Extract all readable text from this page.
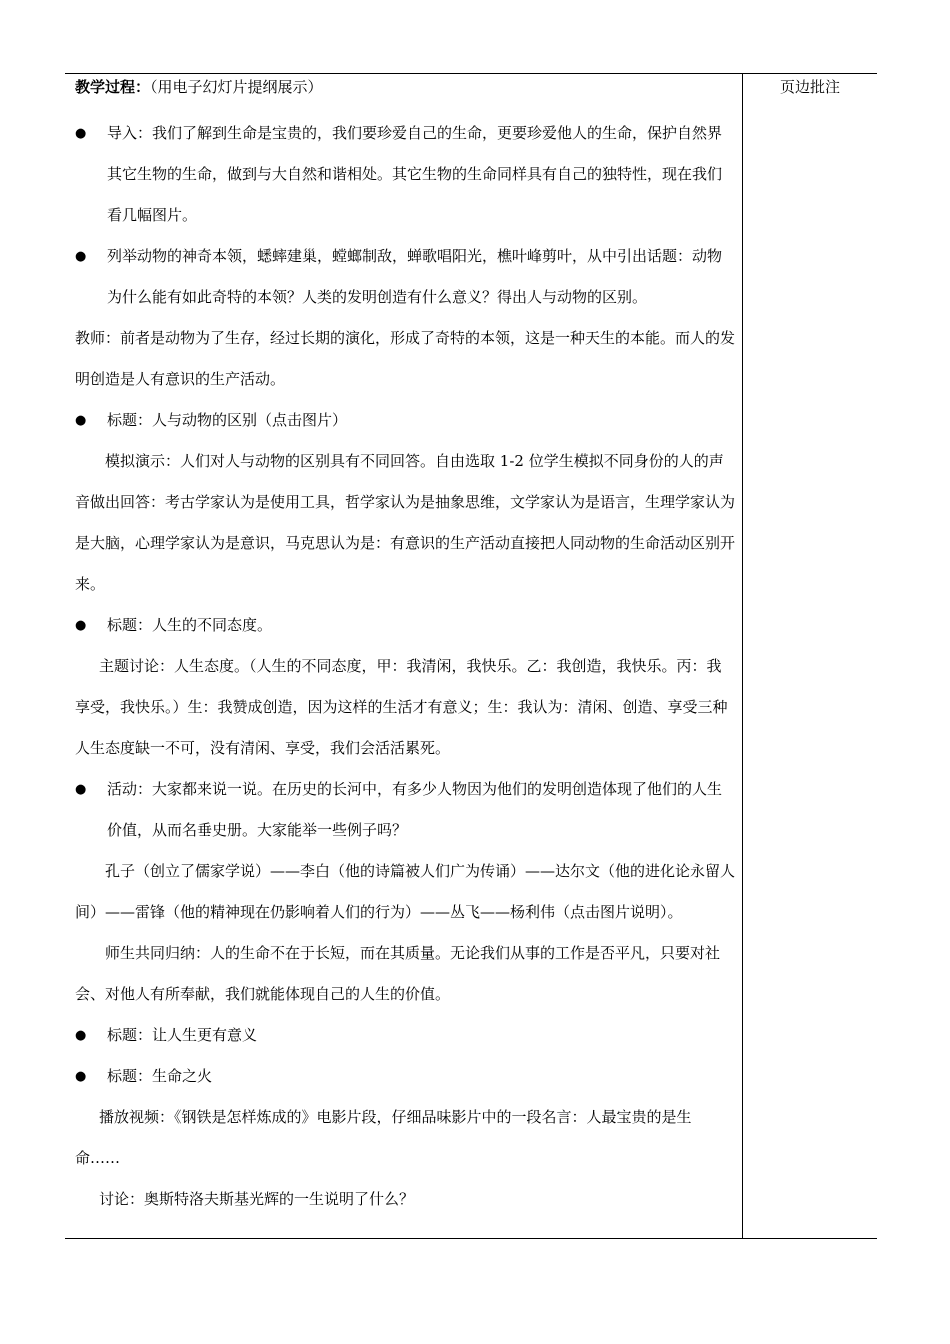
页边批注
教学过程：（用电子幻灯片提纲展示）

● 导入：我们了解到生命是宝贵的，我们要珍爱自己的生命，更要珍爱他人的生命，保护自然界其它生物的生命，做到与大自然和谐相处。其它生物的生命同样具有自己的独特性，现在我们看几幅图片。

● 列举动物的神奇本领，蟋蟀建巢，螳螂制敌，蝉歌唱阳光，樵叶峰剪叶，从中引出话题：动物为什么能有如此奇特的本领？人类的发明创造有什么意义？得出人与动物的区别。

教师：前者是动物为了生存，经过长期的演化，形成了奇特的本领，这是一种天生的本能。而人的发明创造是人有意识的生产活动。

● 标题：人与动物的区别（点击图片）

模拟演示：人们对人与动物的区别具有不同回答。自由选取 1-2 位学生模拟不同身份的人的声音做出回答：考古学家认为是使用工具，哲学家认为是抽象思维，文学家认为是语言，生理学家认为是大脑，心理学家认为是意识，马克思认为是：有意识的生产活动直接把人同动物的生命活动区别开来。

● 标题：人生的不同态度。

主题讨论：人生态度。（人生的不同态度，甲：我清闲，我快乐。乙：我创造，我快乐。丙：我享受，我快乐。）生：我赞成创造，因为这样的生活才有意义；生：我认为：清闲、创造、享受三种人生态度缺一不可，没有清闲、享受，我们会活活累死。

● 活动：大家都来说一说。在历史的长河中，有多少人物因为他们的发明创造体现了他们的人生价值，从而名垂史册。大家能举一些例子吗？

孔子（创立了儒家学说）——李白（他的诗篇被人们广为传诵）——达尔文（他的进化论永留人间）——雷锋（他的精神现在仍影响着人们的行为）——丛飞——杨利伟（点击图片说明）。

师生共同归纳：人的生命不在于长短，而在其质量。无论我们从事的工作是否平凡，只要对社会、对他人有所奉献，我们就能体现自己的人生的价值。

● 标题：让人生更有意义

● 标题：生命之火

播放视频：《钢铁是怎样炼成的》电影片段，仔细品味影片中的一段名言：人最宝贵的是生命……

讨论：奥斯特洛夫斯基光辉的一生说明了什么？
